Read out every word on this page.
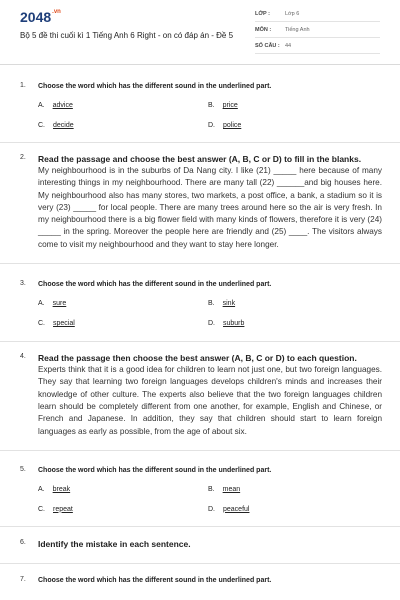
$2048^{.vn}$
Bộ 5 đề thi cuối kì 1 Tiếng Anh 6 Right - on có đáp án - Đề 5
LỚP :	Lớp 6
MÔN :	Tiếng Anh
SỐ CÂU : 44
1. Choose the word which has the different sound in the underlined part.
A. advice	B. price
C. decide	D. police
2. Read the passage and choose the best answer (A, B, C or D) to fill in the blanks.
My neighbourhood is in the suburbs of Da Nang city. I like (21) _____ here because of many interesting things in my neighbourhood. There are many tall (22) ______and big houses here. My neighbourhood also has many stores, two markets, a post office, a bank, a stadium so it is very (23) _____ for local people. There are many trees around here so the air is very fresh. In my neighbourhood there is a big flower field with many kinds of flowers, therefore it is very (24) _____ in the spring. Moreover the people here are friendly and (25) ____. The visitors always come to visit my neighbourhood and they want to stay here longer.
3. Choose the word which has the different sound in the underlined part.
A. sure	B. sink
C. special	D. suburb
4. Read the passage then choose the best answer (A, B, C or D) to each question.
Experts think that it is a good idea for children to learn not just one, but two foreign languages. They say that learning two foreign languages develops children's minds and increases their knowledge of other culture. The experts also believe that the two foreign languages children learn should be completely different from one another, for example, English and Chinese, or French and Japanese. In addition, they say that children should start to learn foreign languages as early as possible, from the age of about six.
5. Choose the word which has the different sound in the underlined part.
A. break	B. mean
C. repeat	D. peaceful
6. Identify the mistake in each sentence.
7. Choose the word which has the different sound in the underlined part.
